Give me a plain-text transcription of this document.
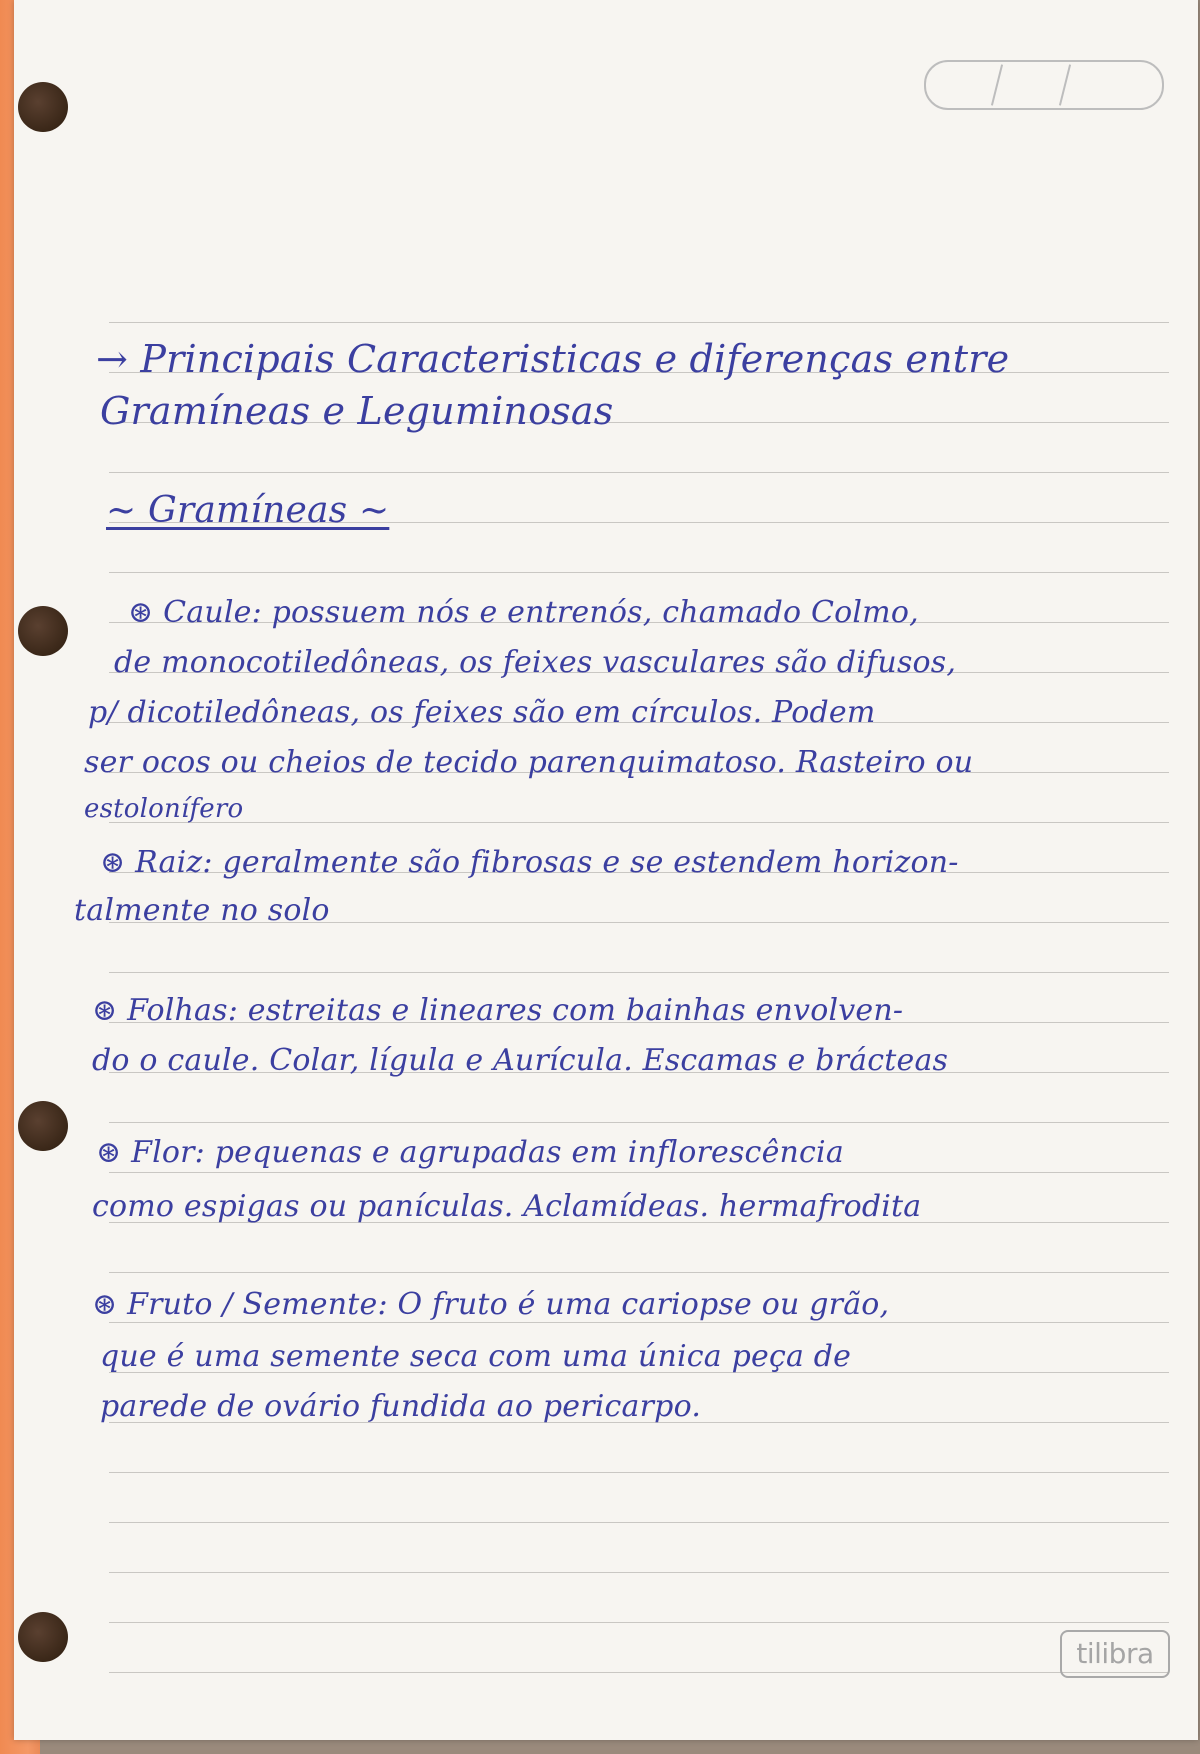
tilibra
→ Principais Caracteristicas e diferenças entre
Gramíneas e Leguminosas
~ Gramíneas ~
⊛ Caule: possuem nós e entrenós, chamado Colmo,
de monocotiledôneas, os feixes vasculares são difusos,
p/ dicotiledôneas, os feixes são em círculos. Podem
ser ocos ou cheios de tecido parenquimatoso. Rasteiro ou
estolonífero
⊛ Raiz: geralmente são fibrosas e se estendem horizon-
talmente no solo
⊛ Folhas: estreitas e lineares com bainhas envolven-
do o caule. Colar, lígula e Aurícula. Escamas e brácteas
⊛ Flor: pequenas e agrupadas em inflorescência
como espigas ou panículas. Aclamídeas. hermafrodita
⊛ Fruto / Semente: O fruto é uma cariopse ou grão,
que é uma semente seca com uma única peça de
parede de ovário fundida ao pericarpo.
